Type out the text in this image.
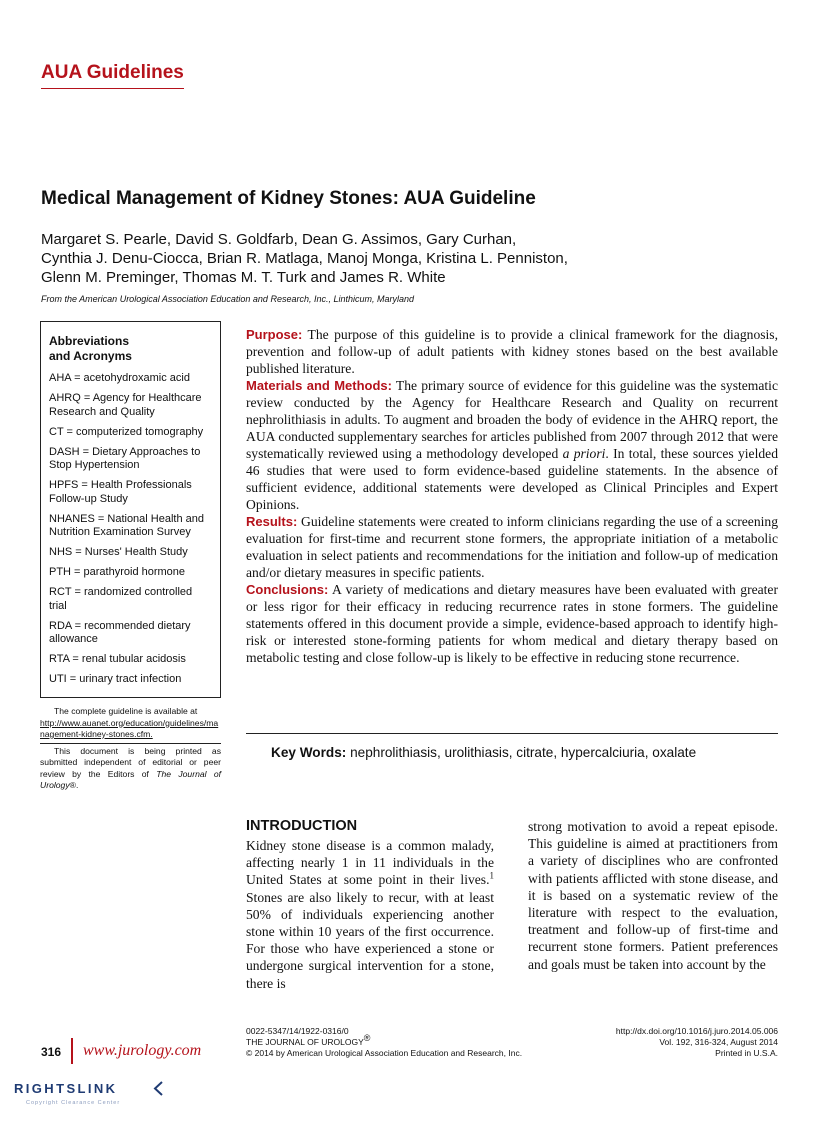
AUA Guidelines
Medical Management of Kidney Stones: AUA Guideline
Margaret S. Pearle, David S. Goldfarb, Dean G. Assimos, Gary Curhan,
Cynthia J. Denu-Ciocca, Brian R. Matlaga, Manoj Monga, Kristina L. Penniston,
Glenn M. Preminger, Thomas M. T. Turk and James R. White
From the American Urological Association Education and Research, Inc., Linthicum, Maryland
Abbreviations
and Acronyms
AHA = acetohydroxamic acid
AHRQ = Agency for Healthcare Research and Quality
CT = computerized tomography
DASH = Dietary Approaches to Stop Hypertension
HPFS = Health Professionals Follow-up Study
NHANES = National Health and Nutrition Examination Survey
NHS = Nurses' Health Study
PTH = parathyroid hormone
RCT = randomized controlled trial
RDA = recommended dietary allowance
RTA = renal tubular acidosis
UTI = urinary tract infection
The complete guideline is available at
http://www.auanet.org/education/guidelines/management-kidney-stones.cfm.
This document is being printed as submitted independent of editorial or peer review by the Editors of The Journal of Urology®.

Purpose: The purpose of this guideline is to provide a clinical framework for the diagnosis, prevention and follow-up of adult patients with kidney stones based on the best available published literature.

Materials and Methods: The primary source of evidence for this guideline was the systematic review conducted by the Agency for Healthcare Research and Quality on recurrent nephrolithiasis in adults. To augment and broaden the body of evidence in the AHRQ report, the AUA conducted supplementary searches for articles published from 2007 through 2012 that were systematically reviewed using a methodology developed a priori. In total, these sources yielded 46 studies that were used to form evidence-based guideline statements. In the absence of sufficient evidence, additional statements were developed as Clinical Principles and Expert Opinions.

Results: Guideline statements were created to inform clinicians regarding the use of a screening evaluation for first-time and recurrent stone formers, the appropriate initiation of a metabolic evaluation in select patients and recommendations for the initiation and follow-up of medication and/or dietary measures in specific patients.

Conclusions: A variety of medications and dietary measures have been evaluated with greater or less rigor for their efficacy in reducing recurrence rates in stone formers. The guideline statements offered in this document provide a simple, evidence-based approach to identify high-risk or interested stone-forming patients for whom medical and dietary therapy based on metabolic testing and close follow-up is likely to be effective in reducing stone recurrence.

Key Words: nephrolithiasis, urolithiasis, citrate, hypercalciuria, oxalate
INTRODUCTION
Kidney stone disease is a common malady, affecting nearly 1 in 11 individuals in the United States at some point in their lives.$^1$ Stones are also likely to recur, with at least 50% of individuals experiencing another stone within 10 years of the first occurrence. For those who have experienced a stone or undergone surgical intervention for a stone, there is
strong motivation to avoid a repeat episode. This guideline is aimed at practitioners from a variety of disciplines who are confronted with patients afflicted with stone disease, and it is based on a systematic review of the literature with respect to the evaluation, treatment and follow-up of first-time and recurrent stone formers. Patient preferences and goals must be taken into account by the
0022-5347/14/1922-0316/0
THE JOURNAL OF UROLOGY®
© 2014 by American Urological Association Education and Research, Inc.
http://dx.doi.org/10.1016/j.juro.2014.05.006
Vol. 192, 316-324, August 2014
Printed in U.S.A.
316 www.jurology.com
RIGHTSLINK
Copyright Clearance Center
